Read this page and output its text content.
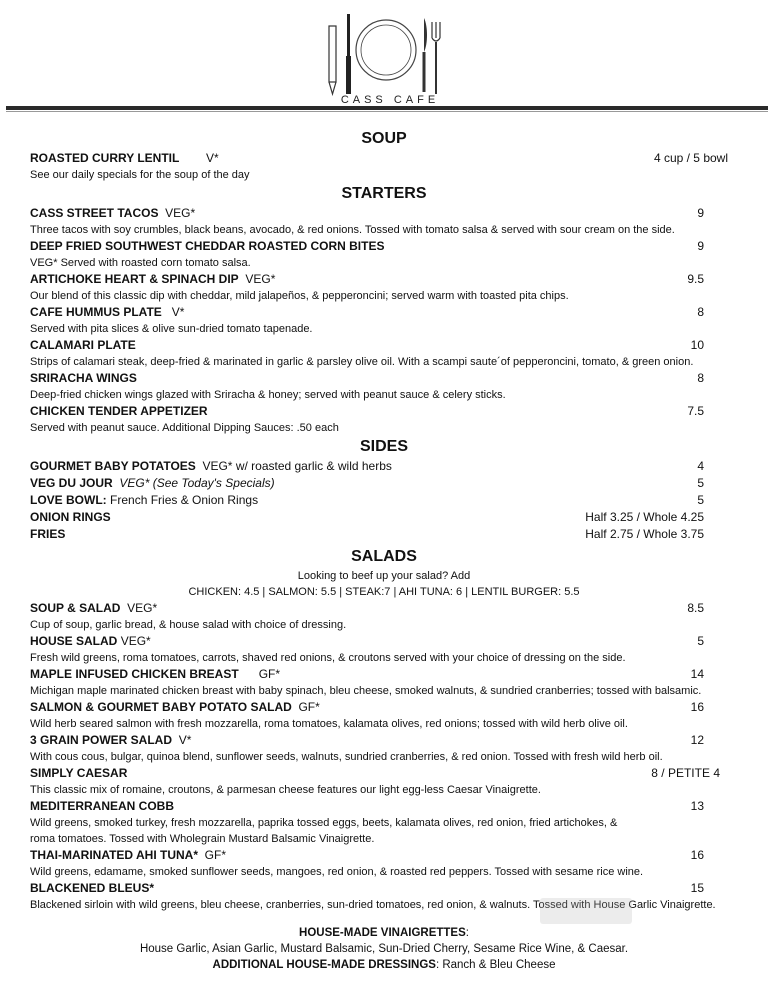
CASS CAFE
SOUP
ROASTED CURRY LENTIL V*	4 cup / 5 bowl
See our daily specials for the soup of the day
STARTERS
CASS STREET TACOS VEG*	9
Three tacos with soy crumbles, black beans, avocado, & red onions. Tossed with tomato salsa & served with sour cream on the side.
DEEP FRIED SOUTHWEST CHEDDAR ROASTED CORN BITES	9
VEG* Served with roasted corn tomato salsa.
ARTICHOKE HEART & SPINACH DIP VEG*	9.5
Our blend of this classic dip with cheddar, mild jalapeños, & pepperoncini; served warm with toasted pita chips.
CAFE HUMMUS PLATE V*	8
Served with pita slices & olive sun-dried tomato tapenade.
CALAMARI PLATE	10
Strips of calamari steak, deep-fried & marinated in garlic & parsley olive oil. With a scampi saute´of pepperoncini, tomato, & green onion.
SRIRACHA WINGS	8
Deep-fried chicken wings glazed with Sriracha & honey; served with peanut sauce & celery sticks.
CHICKEN TENDER APPETIZER	7.5
Served with peanut sauce. Additional Dipping Sauces: .50 each
SIDES
GOURMET BABY POTATOES VEG* w/ roasted garlic & wild herbs	4
VEG DU JOUR VEG* (See Today's Specials)	5
LOVE BOWL: French Fries & Onion Rings	5
ONION RINGS	Half 3.25 / Whole 4.25
FRIES	Half 2.75 / Whole 3.75
SALADS
Looking to beef up your salad? Add
CHICKEN: 4.5 | SALMON: 5.5 | STEAK:7 | AHI TUNA: 6 | LENTIL BURGER: 5.5
SOUP & SALAD VEG*	8.5
Cup of soup, garlic bread, & house salad with choice of dressing.
HOUSE SALAD VEG*	5
Fresh wild greens, roma tomatoes, carrots, shaved red onions, & croutons served with your choice of dressing on the side.
MAPLE INFUSED CHICKEN BREAST GF*	14
Michigan maple marinated chicken breast with baby spinach, bleu cheese, smoked walnuts, & sundried cranberries; tossed with balsamic.
SALMON & GOURMET BABY POTATO SALAD GF*	16
Wild herb seared salmon with fresh mozzarella, roma tomatoes, kalamata olives, red onions; tossed with wild herb olive oil.
3 GRAIN POWER SALAD V*	12
With cous cous, bulgar, quinoa blend, sunflower seeds, walnuts, sundried cranberries, & red onion. Tossed with fresh wild herb oil.
SIMPLY CAESAR	8 / PETITE 4
This classic mix of romaine, croutons, & parmesan cheese features our light egg-less Caesar Vinaigrette.
MEDITERRANEAN COBB	13
Wild greens, smoked turkey, fresh mozzarella, paprika tossed eggs, beets, kalamata olives, red onion, fried artichokes, &
roma tomatoes. Tossed with Wholegrain Mustard Balsamic Vinaigrette.
THAI-MARINATED AHI TUNA* GF*	16
Wild greens, edamame, smoked sunflower seeds, mangoes, red onion, & roasted red peppers. Tossed with sesame rice wine.
BLACKENED BLEUS*	15
Blackened sirloin with wild greens, bleu cheese, cranberries, sun-dried tomatoes, red onion, & walnuts. Tossed with House Garlic Vinaigrette.
HOUSE-MADE VINAIGRETTES:
House Garlic, Asian Garlic, Mustard Balsamic, Sun-Dried Cherry, Sesame Rice Wine, & Caesar.
ADDITIONAL HOUSE-MADE DRESSINGS: Ranch & Bleu Cheese
